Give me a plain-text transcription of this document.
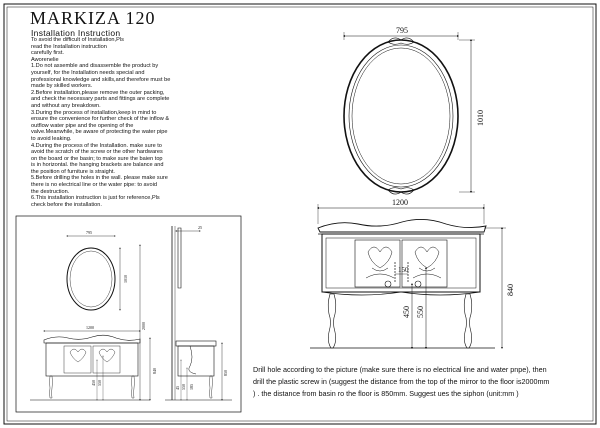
MARKIZA 120
Installation Instruction
To avoid the difficult of Installation,Pls
read the Installation instruction
carefully first.
Aworenelie
1.Do not assemble and disassemble the product by
yourself, for the Installation needs special and
professional knowledge and skills,and therefore must be
made by skilled workers.
2.Before installation,please remove the outer packing,
and check the necessary parts and fittings are complete
and without any breakdown.
3.During the process of installation,keep in mind to
ensure the convenience for further check of the inflow &
outflow water pipe and the opening of the
valve.Meanwhile, be aware of protecting the water pipe
to avoid leaking.
4.During the process of the Installation. make sure to
avoid the scratch of the screw or the other hardwares
on the board or the basin; to make sure the baien top
is in horizontal. the hanging brackets are balance and
the position of furniture is straight.
5.Before drilling the holes in the wall. please make sure
there is no electrical line or the water pipe: to avoid
the destruction.
6.This installation instruction is just for reference,Pls
check before the installation.
Drill hole according to the picture (make sure there is no electrical line and water pnpe), then drill the plastic screw in (suggest the distance from the top of the mirror to the floor is2000mm ) . the distance from basin ro the floor is 850mm. Suggest ues the siphon (unit:mm )
795
1010
1200
840
150
450 550
795
1010
1200
25
2000
840	850
450 550
45 550 185
